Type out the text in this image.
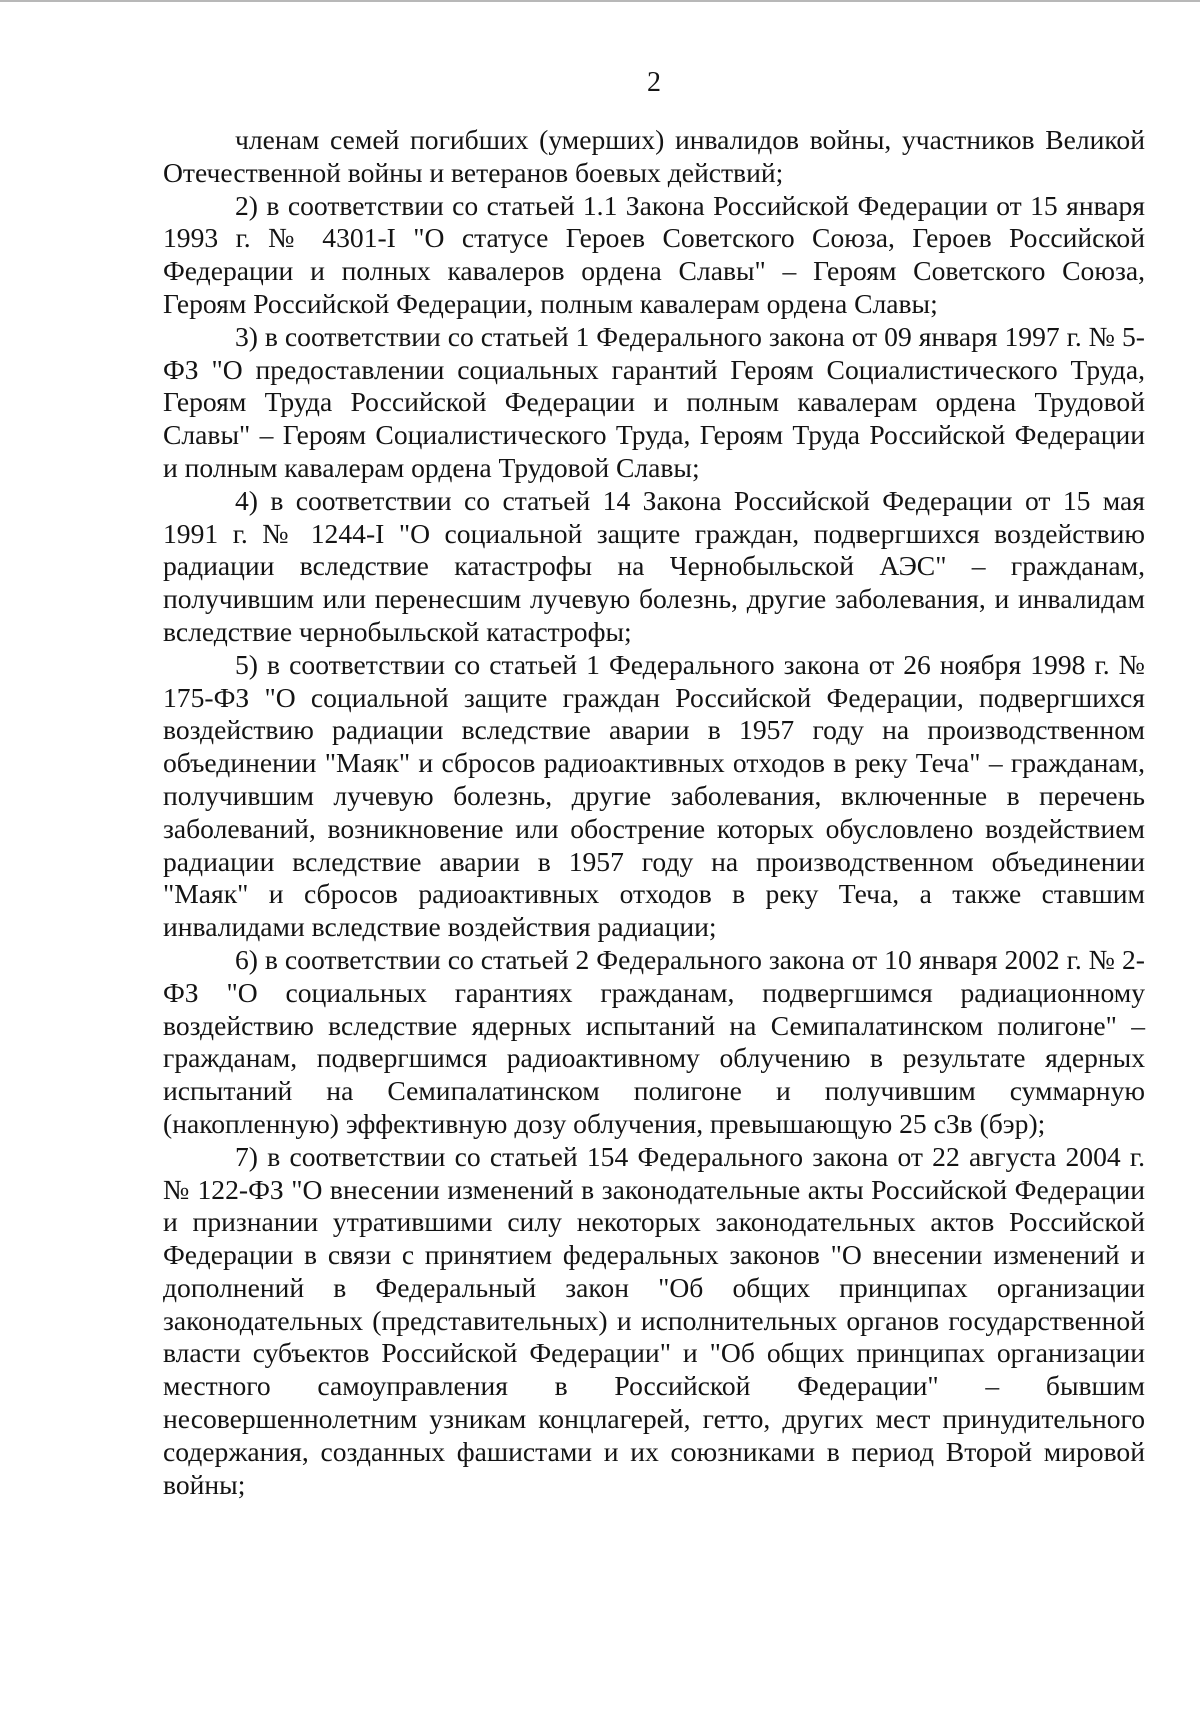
2

членам семей погибших (умерших) инвалидов войны, участников Великой Отечественной войны и ветеранов боевых действий;

2) в соответствии со статьей 1.1 Закона Российской Федерации от 15 января 1993 г. № 4301-I "О статусе Героев Советского Союза, Героев Российской Федерации и полных кавалеров ордена Славы" – Героям Советского Союза, Героям Российской Федерации, полным кавалерам ордена Славы;

3) в соответствии со статьей 1 Федерального закона от 09 января 1997 г. № 5-ФЗ "О предоставлении социальных гарантий Героям Социалистического Труда, Героям Труда Российской Федерации и полным кавалерам ордена Трудовой Славы" – Героям Социалистического Труда, Героям Труда Российской Федерации и полным кавалерам ордена Трудовой Славы;

4) в соответствии со статьей 14 Закона Российской Федерации от 15 мая 1991 г. № 1244-I "О социальной защите граждан, подвергшихся воздействию радиации вследствие катастрофы на Чернобыльской АЭС" – гражданам, получившим или перенесшим лучевую болезнь, другие заболевания, и инвалидам вследствие чернобыльской катастрофы;

5) в соответствии со статьей 1 Федерального закона от 26 ноября 1998 г. № 175-ФЗ "О социальной защите граждан Российской Федерации, подвергшихся воздействию радиации вследствие аварии в 1957 году на производственном объединении "Маяк" и сбросов радиоактивных отходов в реку Теча" – гражданам, получившим лучевую болезнь, другие заболевания, включенные в перечень заболеваний, возникновение или обострение которых обусловлено воздействием радиации вследствие аварии в 1957 году на производственном объединении "Маяк" и сбросов радиоактивных отходов в реку Теча, а также ставшим инвалидами вследствие воздействия радиации;

6) в соответствии со статьей 2 Федерального закона от 10 января 2002 г. № 2-ФЗ "О социальных гарантиях гражданам, подвергшимся радиационному воздействию вследствие ядерных испытаний на Семипалатинском полигоне" – гражданам, подвергшимся радиоактивному облучению в результате ядерных испытаний на Семипалатинском полигоне и получившим суммарную (накопленную) эффективную дозу облучения, превышающую 25 сЗв (бэр);

7) в соответствии со статьей 154 Федерального закона от 22 августа 2004 г. № 122-ФЗ "О внесении изменений в законодательные акты Российской Федерации и признании утратившими силу некоторых законодательных актов Российской Федерации в связи с принятием федеральных законов "О внесении изменений и дополнений в Федеральный закон "Об общих принципах организации законодательных (представительных) и исполнительных органов государственной власти субъектов Российской Федерации" и "Об общих принципах организации местного самоуправления в Российской Федерации" – бывшим несовершеннолетним узникам концлагерей, гетто, других мест принудительного содержания, созданных фашистами и их союзниками в период Второй мировой войны;
